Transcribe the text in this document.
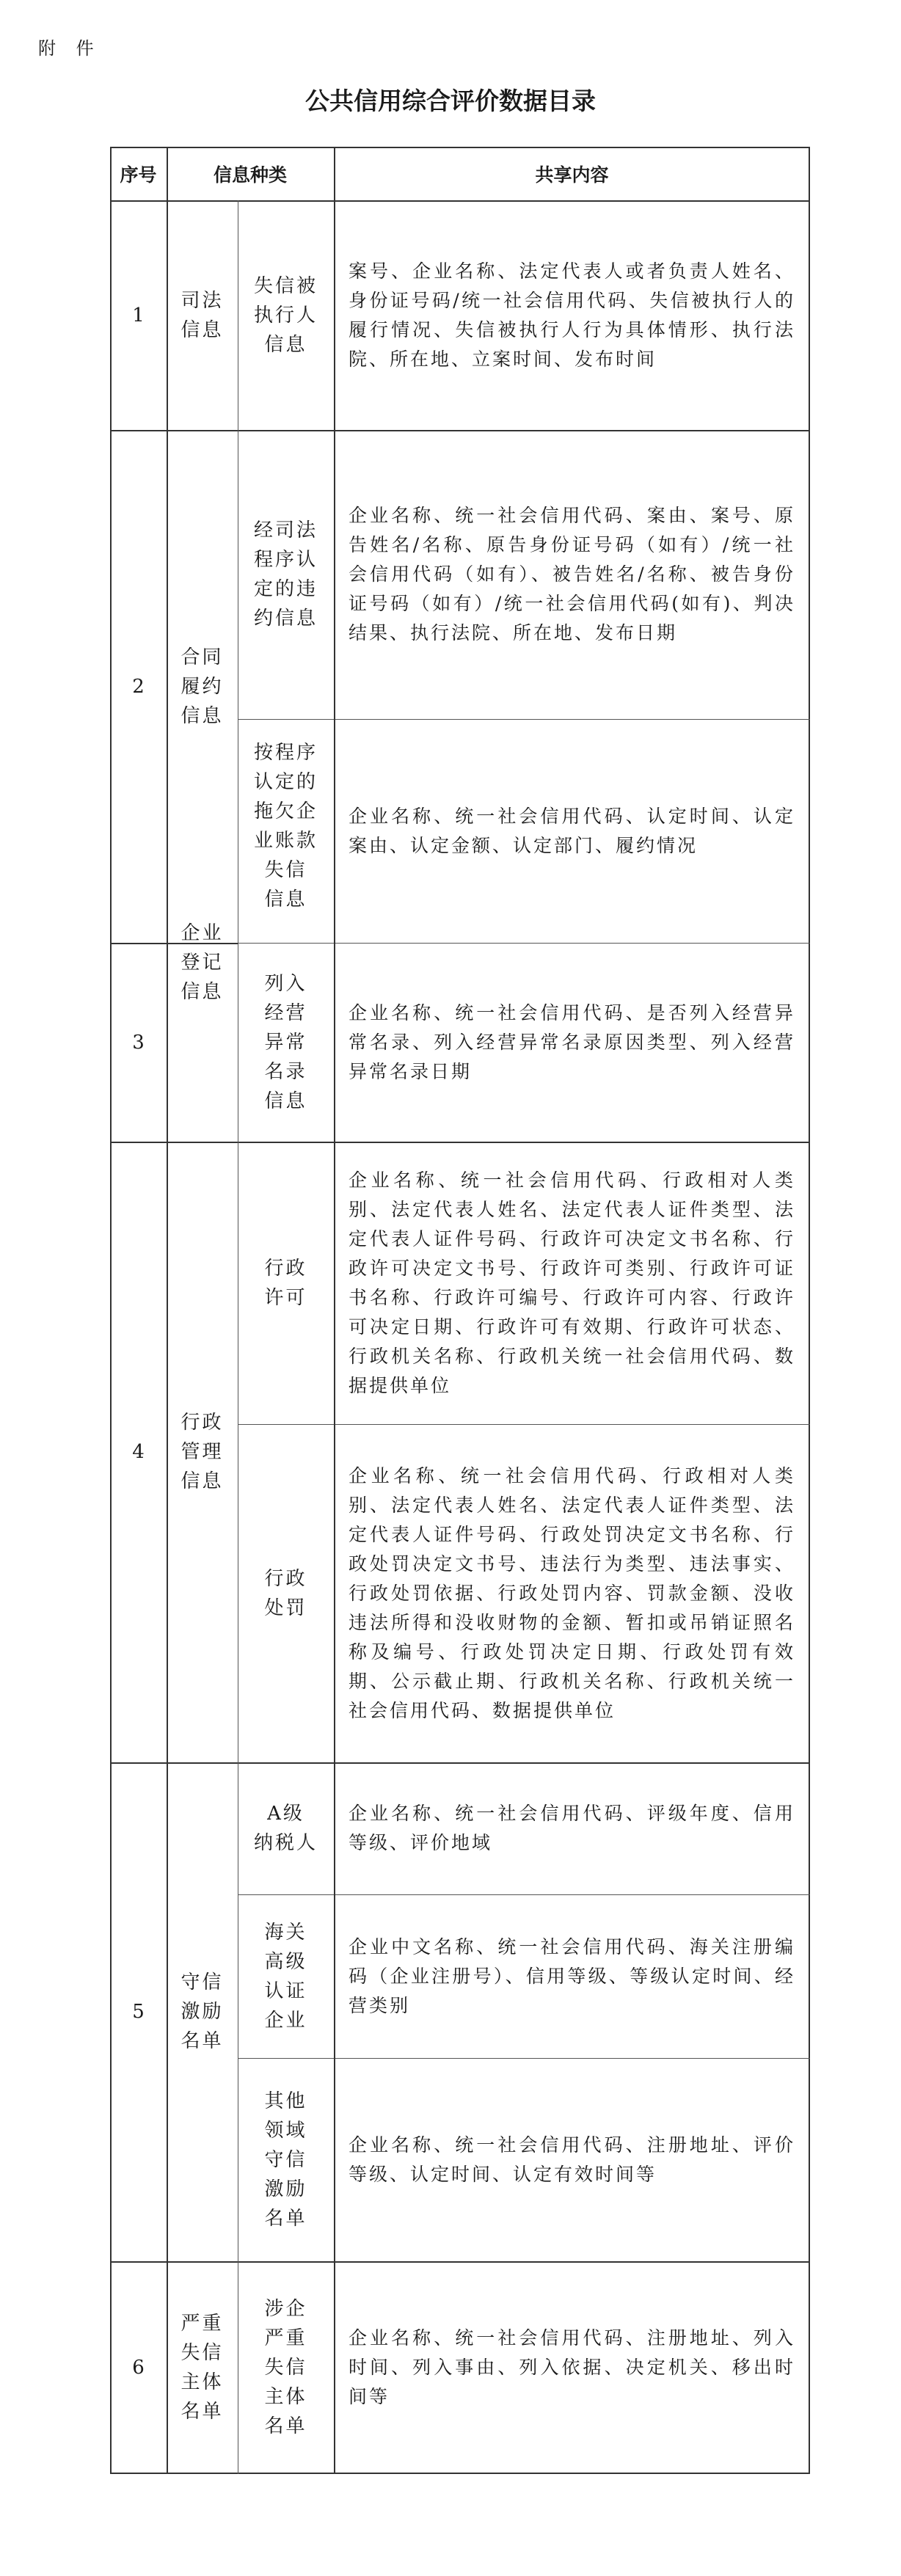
附 件
公共信用综合评价数据目录
序号	信息种类	共享内容
1
司法
信息
失信被
执行人
信息
案号、企业名称、法定代表人或者负责人姓名、身份证号码/统一社会信用代码、失信被执行人的履行情况、失信被执行人行为具体情形、执行法院、所在地、立案时间、发布时间
2
合同
履约
信息
经司法
程序认
定的违
约信息
企业名称、统一社会信用代码、案由、案号、原告姓名/名称、原告身份证号码（如有）/统一社会信用代码（如有）、被告姓名/名称、被告身份证号码（如有）/统一社会信用代码(如有)、判决结果、执行法院、所在地、发布日期
按程序
认定的
拖欠企
业账款
失信
信息
企业名称、统一社会信用代码、认定时间、认定案由、认定金额、认定部门、履约情况
3
企业
登记
信息 列入
经营
异常
名录
信息
企业名称、统一社会信用代码、是否列入经营异常名录、列入经营异常名录原因类型、列入经营异常名录日期
4
行政
管理
信息
行政
许可
企业名称、统一社会信用代码、行政相对人类别、法定代表人姓名、法定代表人证件类型、法定代表人证件号码、行政许可决定文书名称、行政许可决定文书号、行政许可类别、行政许可证书名称、行政许可编号、行政许可内容、行政许可决定日期、行政许可有效期、行政许可状态、行政机关名称、行政机关统一社会信用代码、数据提供单位
行政
处罚
企业名称、统一社会信用代码、行政相对人类别、法定代表人姓名、法定代表人证件类型、法定代表人证件号码、行政处罚决定文书名称、行政处罚决定文书号、违法行为类型、违法事实、行政处罚依据、行政处罚内容、罚款金额、没收违法所得和没收财物的金额、暂扣或吊销证照名称及编号、行政处罚决定日期、行政处罚有效期、公示截止期、行政机关名称、行政机关统一社会信用代码、数据提供单位
5
守信
激励
名单
A级
纳税人
企业名称、统一社会信用代码、评级年度、信用等级、评价地域
海关
高级
认证
企业
企业中文名称、统一社会信用代码、海关注册编码（企业注册号）、信用等级、等级认定时间、经营类别
其他
领域
守信
激励
名单
企业名称、统一社会信用代码、注册地址、评价等级、认定时间、认定有效时间等
6
严重
失信
主体
名单
涉企
严重
失信
主体
名单
企业名称、统一社会信用代码、注册地址、列入时间、列入事由、列入依据、决定机关、移出时间等
